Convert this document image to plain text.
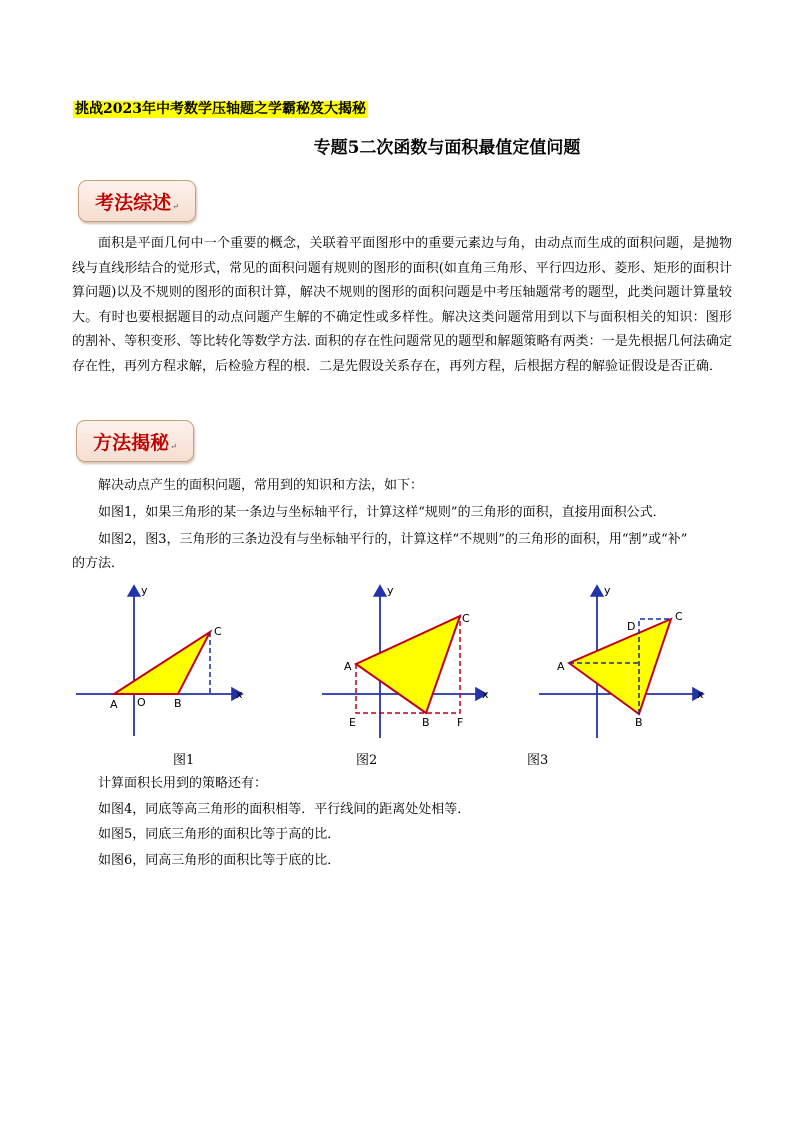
挑战2023年中考数学压轴题之学霸秘笈大揭秘
专题5二次函数与面积最值定值问题
考法综述 ↵

面积是平面几何中一个重要的概念，关联着平面图形中的重要元素边与角，由动点而生成的面积问题，是抛物线与直线形结合的觉形式，常见的面积问题有规则的图形的面积(如直角三角形、平行四边形、菱形、矩形的面积计算问题)以及不规则的图形的面积计算，解决不规则的图形的面积问题是中考压轴题常考的题型，此类问题计算量较大。有时也要根据题目的动点问题产生解的不确定性或多样性。解决这类问题常用到以下与面积相关的知识：图形的割补、等积变形、等比转化等数学方法. 面积的存在性问题常见的题型和解题策略有两类：一是先根据几何法确定存在性，再列方程求解，后检验方程的根．二是先假设关系存在，再列方程，后根据方程的解验证假设是否正确．

方法揭秘 ↵
解决动点产生的面积问题，常用到的知识和方法，如下：
如图1，如果三角形的某一条边与坐标轴平行，计算这样“规则”的三角形的面积，直接用面积公式．
如图2，图3，三角形的三条边没有与坐标轴平行的，计算这样“不规则”的三角形的面积，用“割”或“补”
的方法．
y
x
A O	B
C
图1
y
x
A
C
E	B F
图2
y
x
A
D
C
B
图3
计算面积长用到的策略还有：
如图4，同底等高三角形的面积相等．平行线间的距离处处相等．
如图5，同底三角形的面积比等于高的比．
如图6，同高三角形的面积比等于底的比．
